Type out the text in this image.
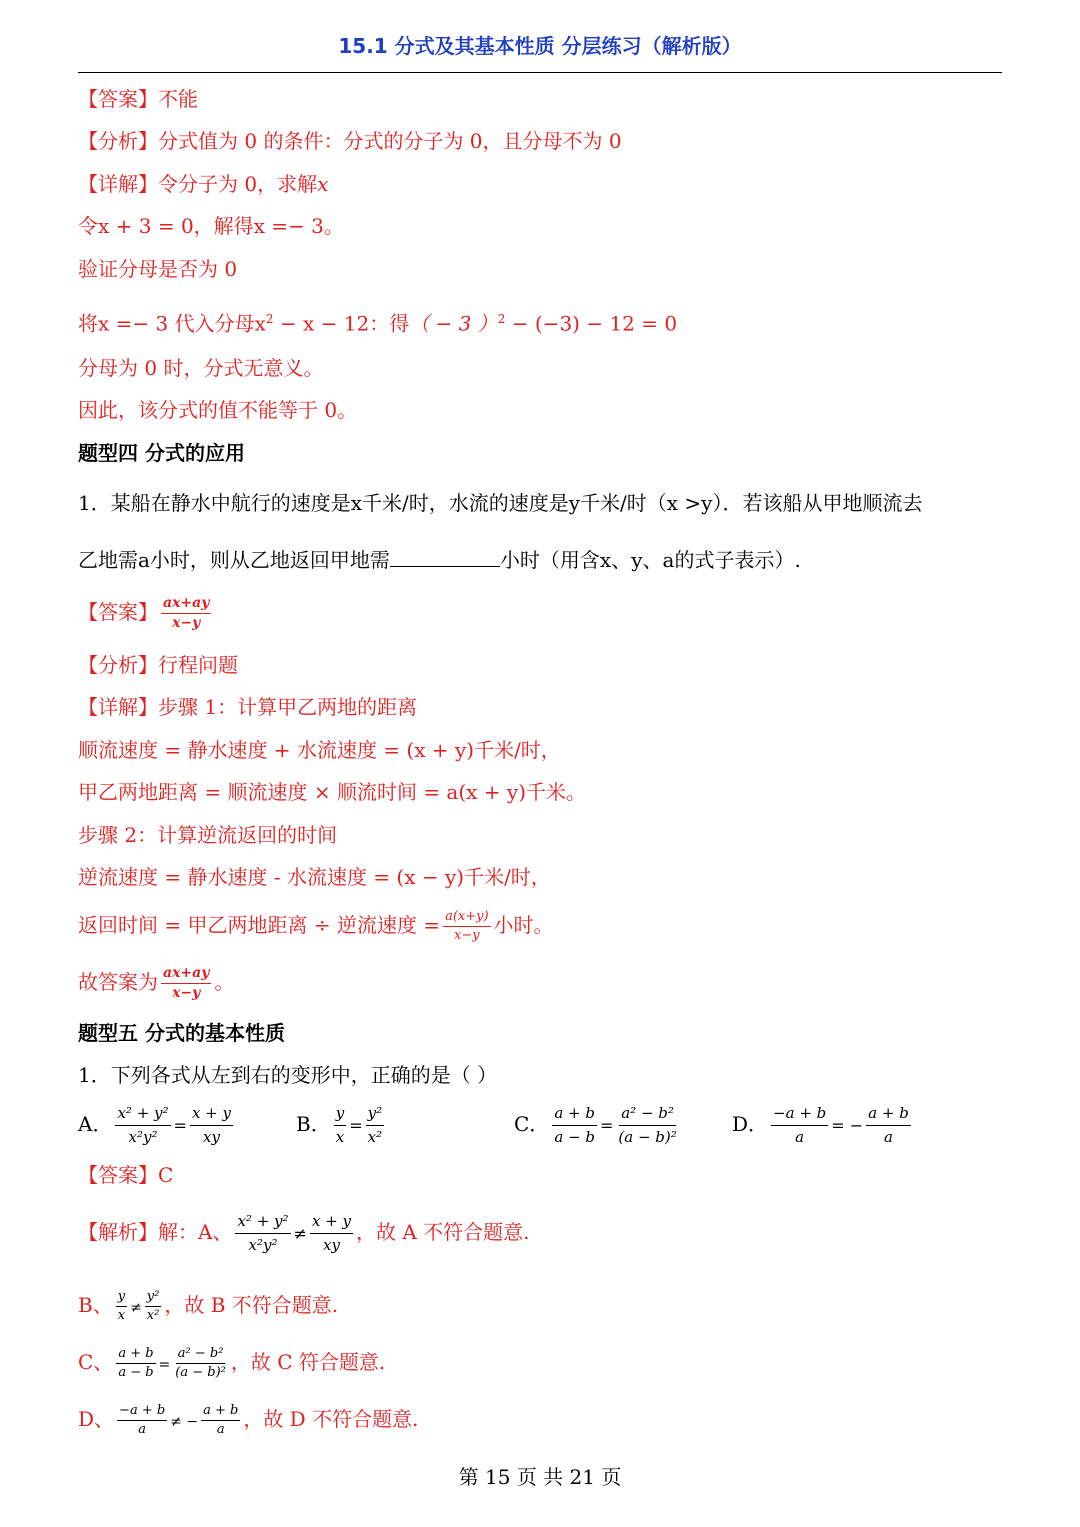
15.1 分式及其基本性质 分层练习（解析版）
【答案】不能
【分析】分式值为 0 的条件：分式的分子为 0，且分母不为 0
【详解】令分子为 0，求解x
令x + 3 = 0，解得x =− 3。
验证分母是否为 0
将x =− 3 代入分母$x^2 - x - 12$：得（ − 3 ）$^2$ − (−3) − 12 = 0
分母为 0 时，分式无意义。
因此，该分式的值不能等于 0。
题型四 分式的应用
1．某船在静水中航行的速度是x千米/时，水流的速度是y千米/时（x >y）．若该船从甲地顺流去
乙地需a小时，则从乙地返回甲地需	小时（用含x、y、a的式子表示）.
【答案】 $\frac{ax+ay}{x-y}$
【分析】行程问题
【详解】步骤 1：计算甲乙两地的距离
顺流速度 = 静水速度 + 水流速度 = (x + y)千米/时，
甲乙两地距离 = 顺流速度 × 顺流时间 = a(x + y)千米。
步骤 2：计算逆流返回的时间
逆流速度 = 静水速度 - 水流速度 = (x − y)千米/时，
返回时间 = 甲乙两地距离 ÷ 逆流速度 = $\frac{a(x+y)}{x-y}$ 小时。
故答案为 $\frac{ax+ay}{x-y}$ 。
题型五 分式的基本性质
1．下列各式从左到右的变形中，正确的是（ ）
A． $\frac{\text{x² + y²}}{\text{x²y²}} = \frac{x + y}{xy}$	B． $\frac{y}{x} = \frac{\text{y²}}{\text{x²}}$	C． $\frac{a + b}{a - b} = \frac{\text{a² − b²}}{\text{(a − b)²}}$	D． $\frac{-a + b}{a}$ = − $\frac{a + b}{a}$
【答案】C
【解析】解：A、 $\frac{\text{x² + y²}}{\text{x²y²}} \ne \frac{x + y}{xy}$ ，故 A 不符合题意.
B、 $\frac{y}{x} \ne \frac{\text{y²}}{\text{x²}}$ ，故 B 不符合题意.
C、 $\frac{a + b}{a - b} = \frac{\text{a² − b²}}{\text{(a − b)²}}$ ，故 C 符合题意.
D、 $\frac{-a + b}{a}$ ≠ − $\frac{a + b}{a}$ ，故 D 不符合题意.
第 15 页 共 21 页
